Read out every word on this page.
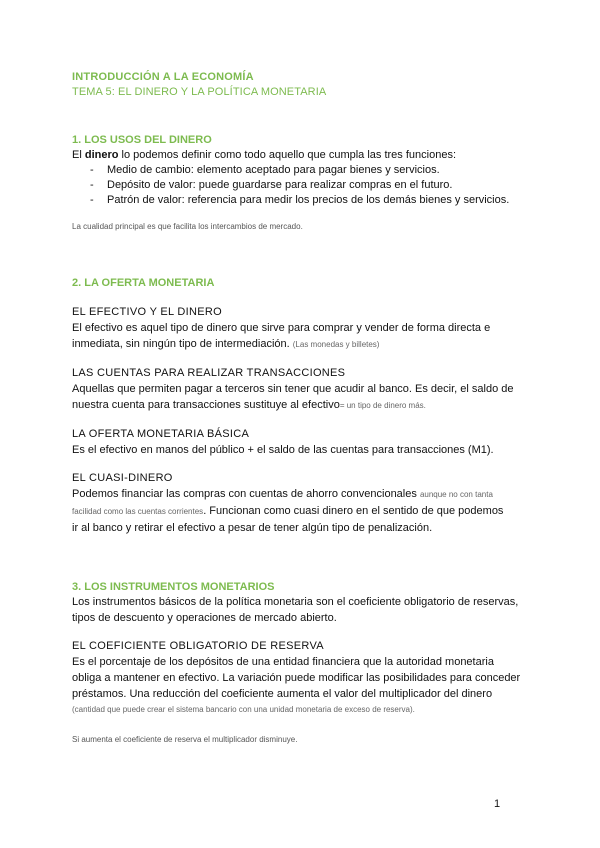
INTRODUCCIÓN A LA ECONOMÍA
TEMA 5: EL DINERO Y LA POLÍTICA MONETARIA
1. LOS USOS DEL DINERO
El dinero lo podemos definir como todo aquello que cumpla las tres funciones:
- Medio de cambio: elemento aceptado para pagar bienes y servicios.
- Depósito de valor: puede guardarse para realizar compras en el futuro.
- Patrón de valor: referencia para medir los precios de los demás bienes y servicios.
La cualidad principal es que facilita los intercambios de mercado.
2. LA OFERTA MONETARIA
EL EFECTIVO Y EL DINERO
El efectivo es aquel tipo de dinero que sirve para comprar y vender de forma directa e
inmediata, sin ningún tipo de intermediación. (Las monedas y billetes)
LAS CUENTAS PARA REALIZAR TRANSACCIONES
Aquellas que permiten pagar a terceros sin tener que acudir al banco. Es decir, el saldo de
nuestra cuenta para transacciones sustituye al efectivo= un tipo de dinero más.
LA OFERTA MONETARIA BÁSICA
Es el efectivo en manos del público + el saldo de las cuentas para transacciones (M1).
EL CUASI-DINERO
Podemos financiar las compras con cuentas de ahorro convencionales aunque no con tanta
facilidad como las cuentas corrientes. Funcionan como cuasi dinero en el sentido de que podemos
ir al banco y retirar el efectivo a pesar de tener algún tipo de penalización.
3. LOS INSTRUMENTOS MONETARIOS
Los instrumentos básicos de la política monetaria son el coeficiente obligatorio de reservas,
tipos de descuento y operaciones de mercado abierto.
EL COEFICIENTE OBLIGATORIO DE RESERVA
Es el porcentaje de los depósitos de una entidad financiera que la autoridad monetaria
obliga a mantener en efectivo. La variación puede modificar las posibilidades para conceder
préstamos. Una reducción del coeficiente aumenta el valor del multiplicador del dinero
(cantidad que puede crear el sistema bancario con una unidad monetaria de exceso de reserva).
Si aumenta el coeficiente de reserva el multiplicador disminuye.
1
